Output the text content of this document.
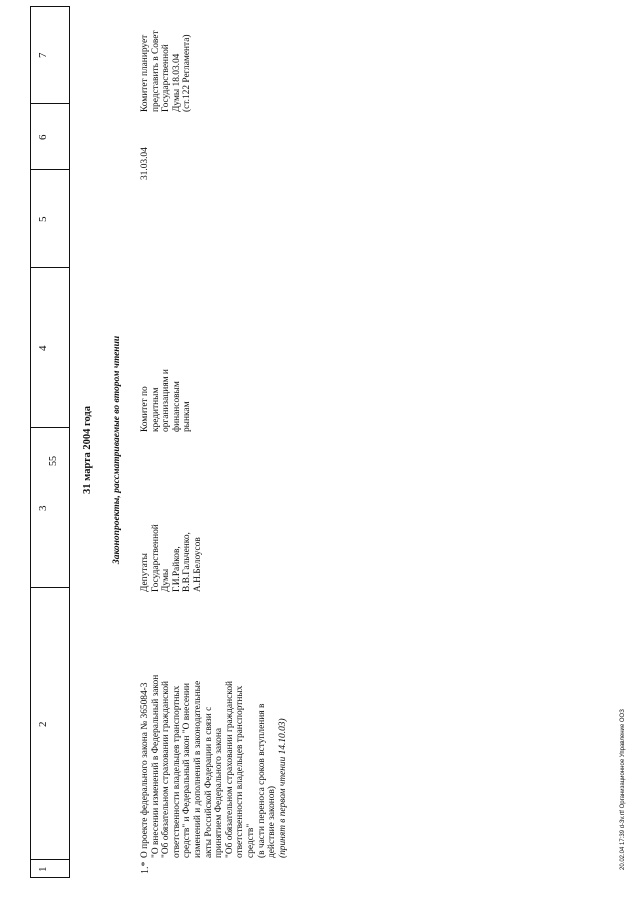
55
1
2
3
4
5
6
7
31 марта 2004 года Законопроекты, рассматриваемые во втором чтении
1.*
О проекте федерального закона № 365084-3 "О внесении изменений в Федеральный закон "Об обязательном страховании гражданской ответственности владельцев транспортных средств" и Федеральный закон "О внесении изменений и дополнений в законодательные акты Российской Федерации в связи с принятием Федерального закона "Об обязательном страховании гражданской ответственности владельцев транспортных средств" (в части переноса сроков вступления в действие законов) (принят в первом чтении 14.10.03)
Депутаты Государственной Думы Г.И.Райков, В.В.Гальченко, А.Н.Белоусов
Комитет по кредитным организациям и финансовым рынкам
31.03.04
Комитет планирует представить в Совет Государственной Думы 18.03.04 (ст.122 Регламента)
20.02.04 17:39 d-3v.rtf Организационное Управление ООЗ
